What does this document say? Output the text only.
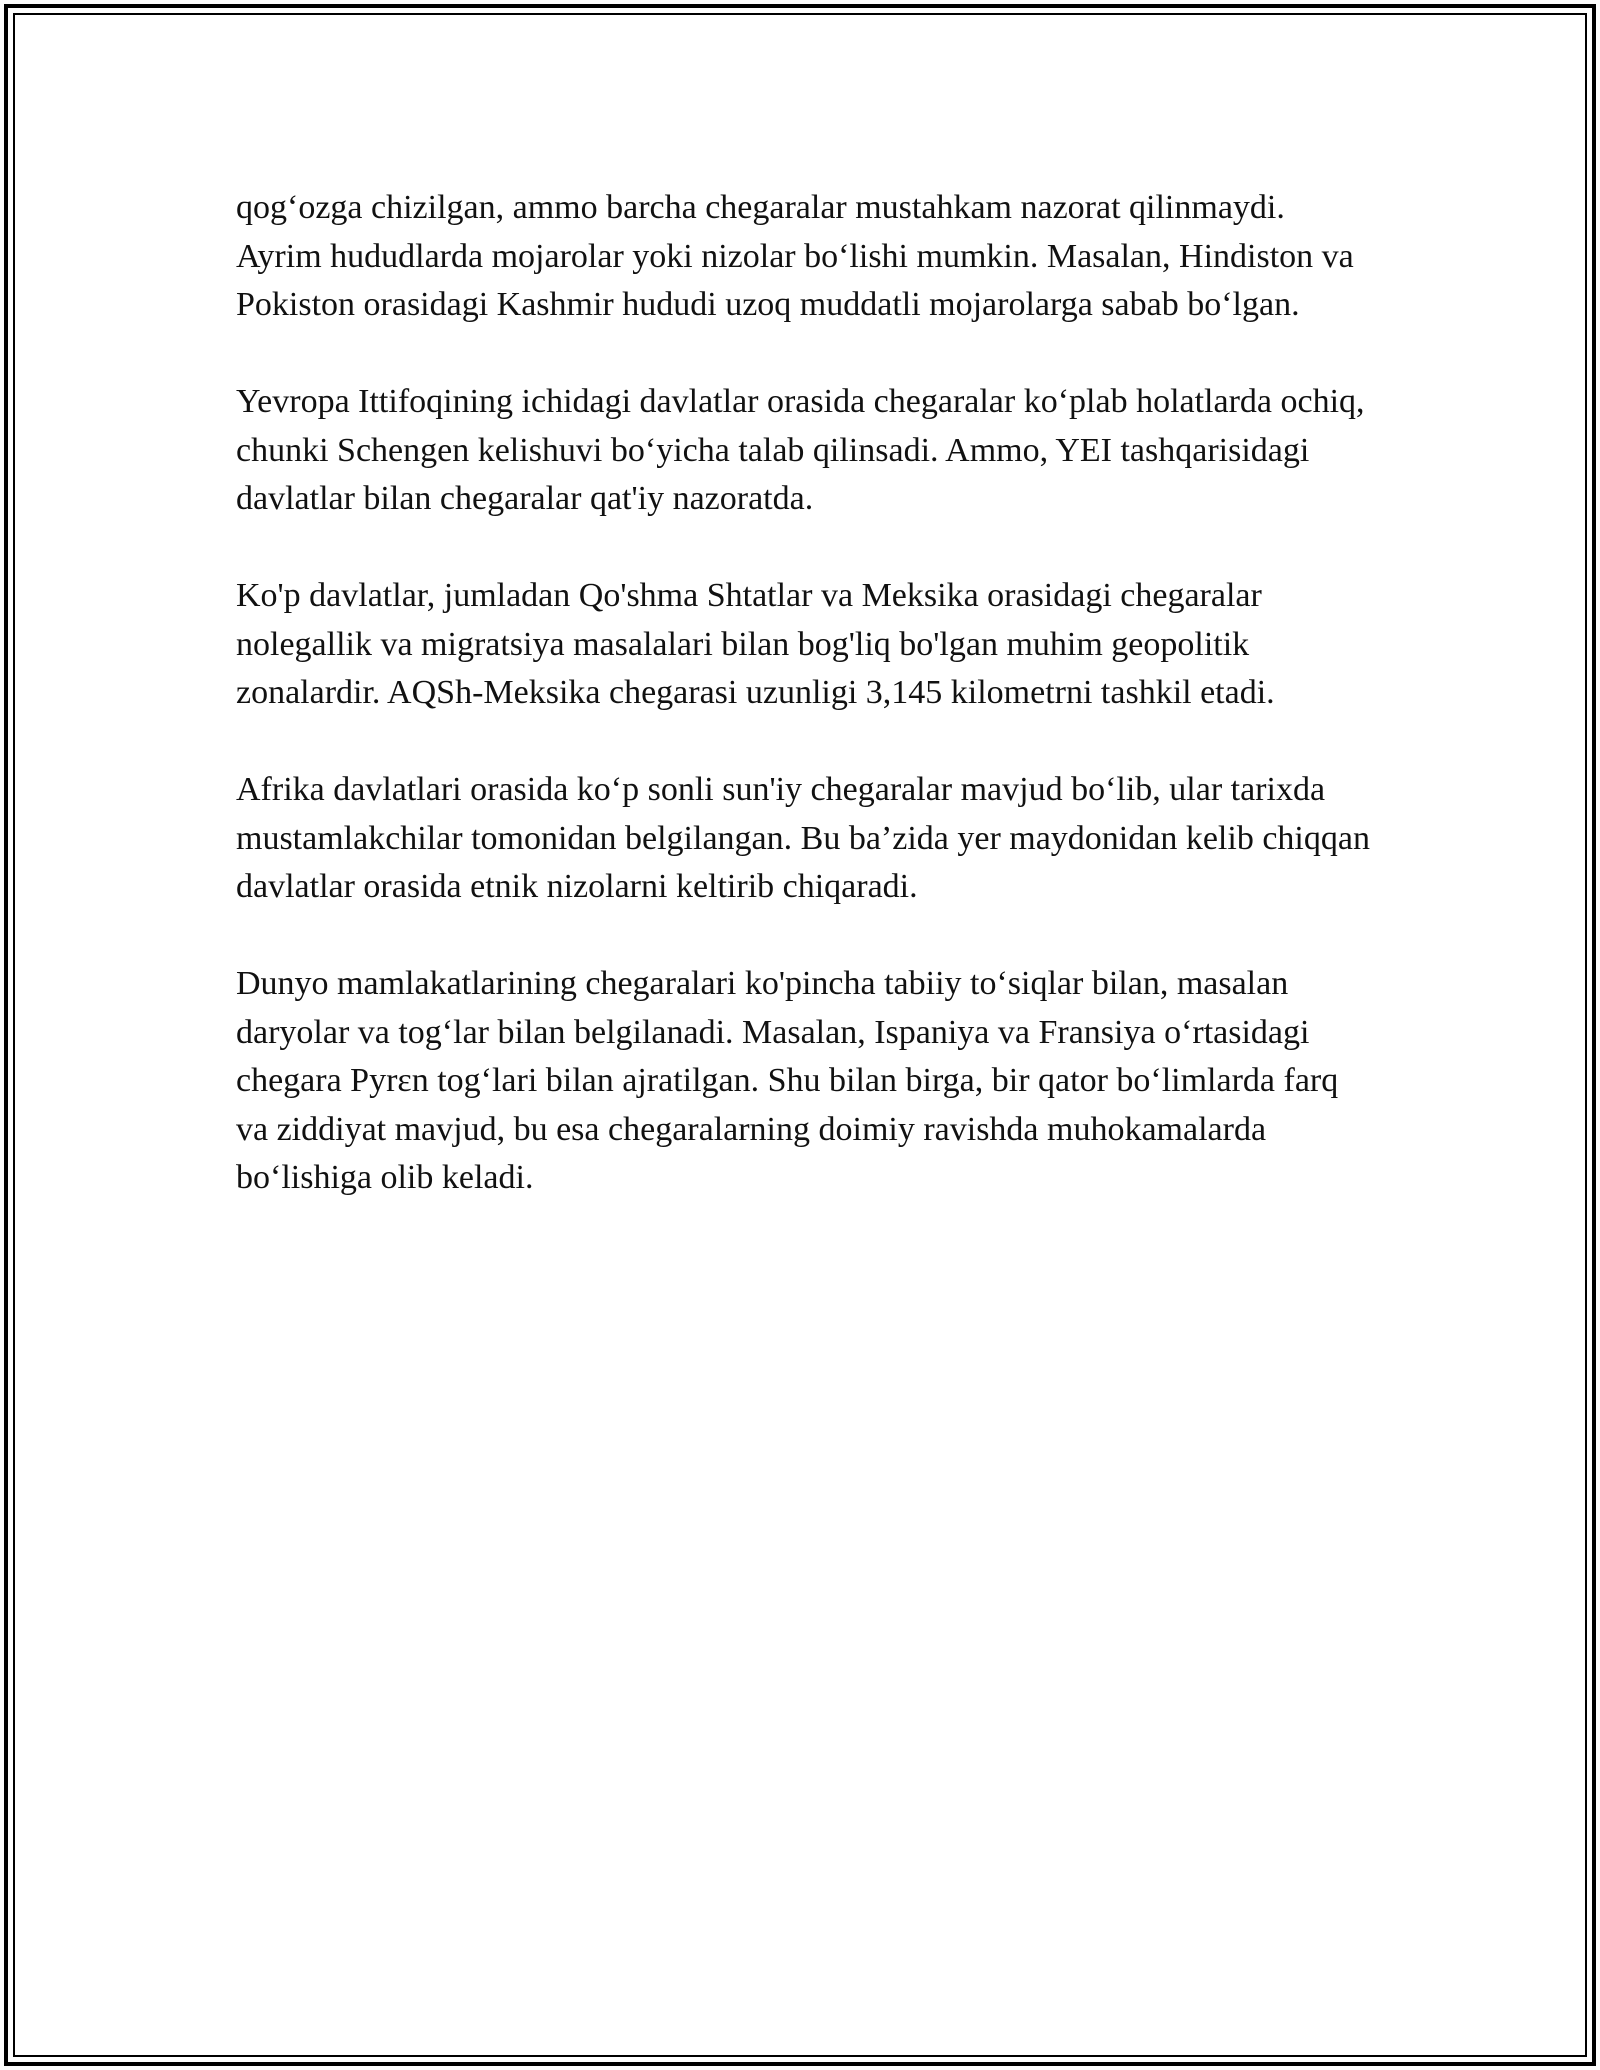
qog‘ozga chizilgan, ammo barcha chegaralar mustahkam nazorat qilinmaydi. Ayrim hududlarda mojarolar yoki nizolar bo‘lishi mumkin. Masalan, Hindiston va Pokiston orasidagi Kashmir hududi uzoq muddatli mojarolarga sabab bo‘lgan.

Yevropa Ittifoqining ichidagi davlatlar orasida chegaralar ko‘plab holatlarda ochiq, chunki Schengen kelishuvi bo‘yicha talab qilinsadi. Ammo, YEI tashqarisidagi davlatlar bilan chegaralar qat'iy nazoratda.

Ko'p davlatlar, jumladan Qo'shma Shtatlar va Meksika orasidagi chegaralar nolegallik va migratsiya masalalari bilan bog'liq bo'lgan muhim geopolitik zonalardir. AQSh-Meksika chegarasi uzunligi 3,145 kilometrni tashkil etadi.

Afrika davlatlari orasida ko‘p sonli sun'iy chegaralar mavjud bo‘lib, ular tarixda mustamlakchilar tomonidan belgilangan. Bu ba’zida yer maydonidan kelib chiqqan davlatlar orasida etnik nizolarni keltirib chiqaradi.

Dunyo mamlakatlarining chegaralari ko'pincha tabiiy to‘siqlar bilan, masalan daryolar va tog‘lar bilan belgilanadi. Masalan, Ispaniya va Fransiya o‘rtasidagi chegara Pyrɛn tog‘lari bilan ajratilgan. Shu bilan birga, bir qator bo‘limlarda farq va ziddiyat mavjud, bu esa chegaralarning doimiy ravishda muhokamalarda bo‘lishiga olib keladi.
